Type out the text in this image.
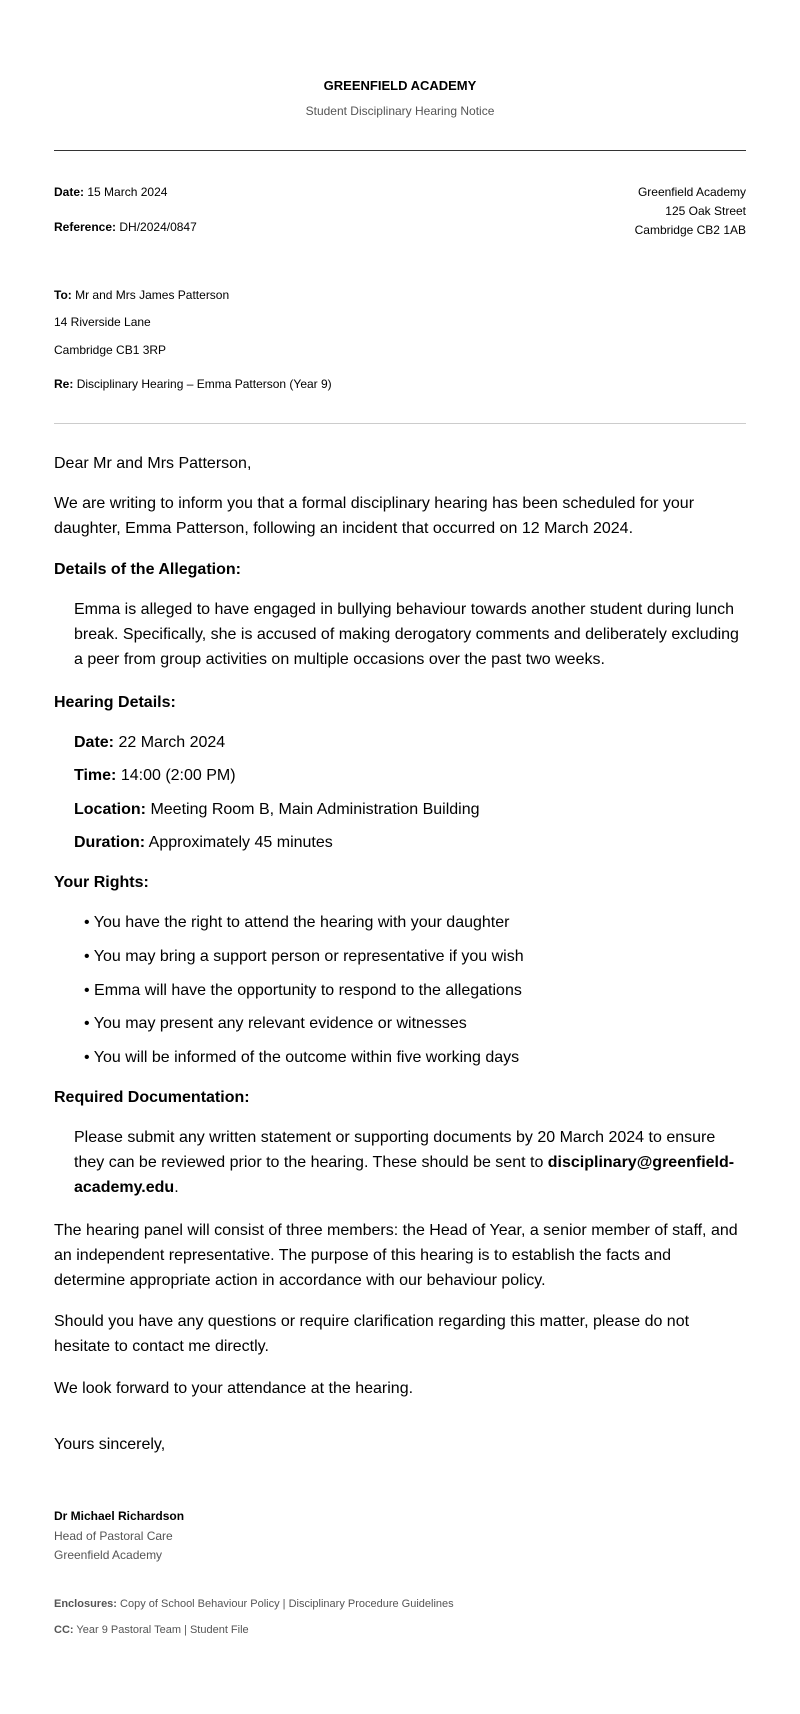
GREENFIELD ACADEMY
Student Disciplinary Hearing Notice
Date: 15 March 2024
Reference: DH/2024/0847
Greenfield Academy
125 Oak Street
Cambridge CB2 1AB
To: Mr and Mrs James Patterson
14 Riverside Lane
Cambridge CB1 3RP
Re: Disciplinary Hearing – Emma Patterson (Year 9)
Dear Mr and Mrs Patterson,
We are writing to inform you that a formal disciplinary hearing has been scheduled for your daughter, Emma Patterson, following an incident that occurred on 12 March 2024.
Details of the Allegation:
Emma is alleged to have engaged in bullying behaviour towards another student during lunch break. Specifically, she is accused of making derogatory comments and deliberately excluding a peer from group activities on multiple occasions over the past two weeks.
Hearing Details:
Date: 22 March 2024
Time: 14:00 (2:00 PM)
Location: Meeting Room B, Main Administration Building
Duration: Approximately 45 minutes
Your Rights:
• You have the right to attend the hearing with your daughter
• You may bring a support person or representative if you wish
• Emma will have the opportunity to respond to the allegations
• You may present any relevant evidence or witnesses
• You will be informed of the outcome within five working days
Required Documentation:
Please submit any written statement or supporting documents by 20 March 2024 to ensure they can be reviewed prior to the hearing. These should be sent to disciplinary@greenfield-academy.edu.
The hearing panel will consist of three members: the Head of Year, a senior member of staff, and an independent representative. The purpose of this hearing is to establish the facts and determine appropriate action in accordance with our behaviour policy.
Should you have any questions or require clarification regarding this matter, please do not hesitate to contact me directly.
We look forward to your attendance at the hearing.
Yours sincerely,
Dr Michael Richardson
Head of Pastoral Care
Greenfield Academy
Enclosures: Copy of School Behaviour Policy | Disciplinary Procedure Guidelines
CC: Year 9 Pastoral Team | Student File
